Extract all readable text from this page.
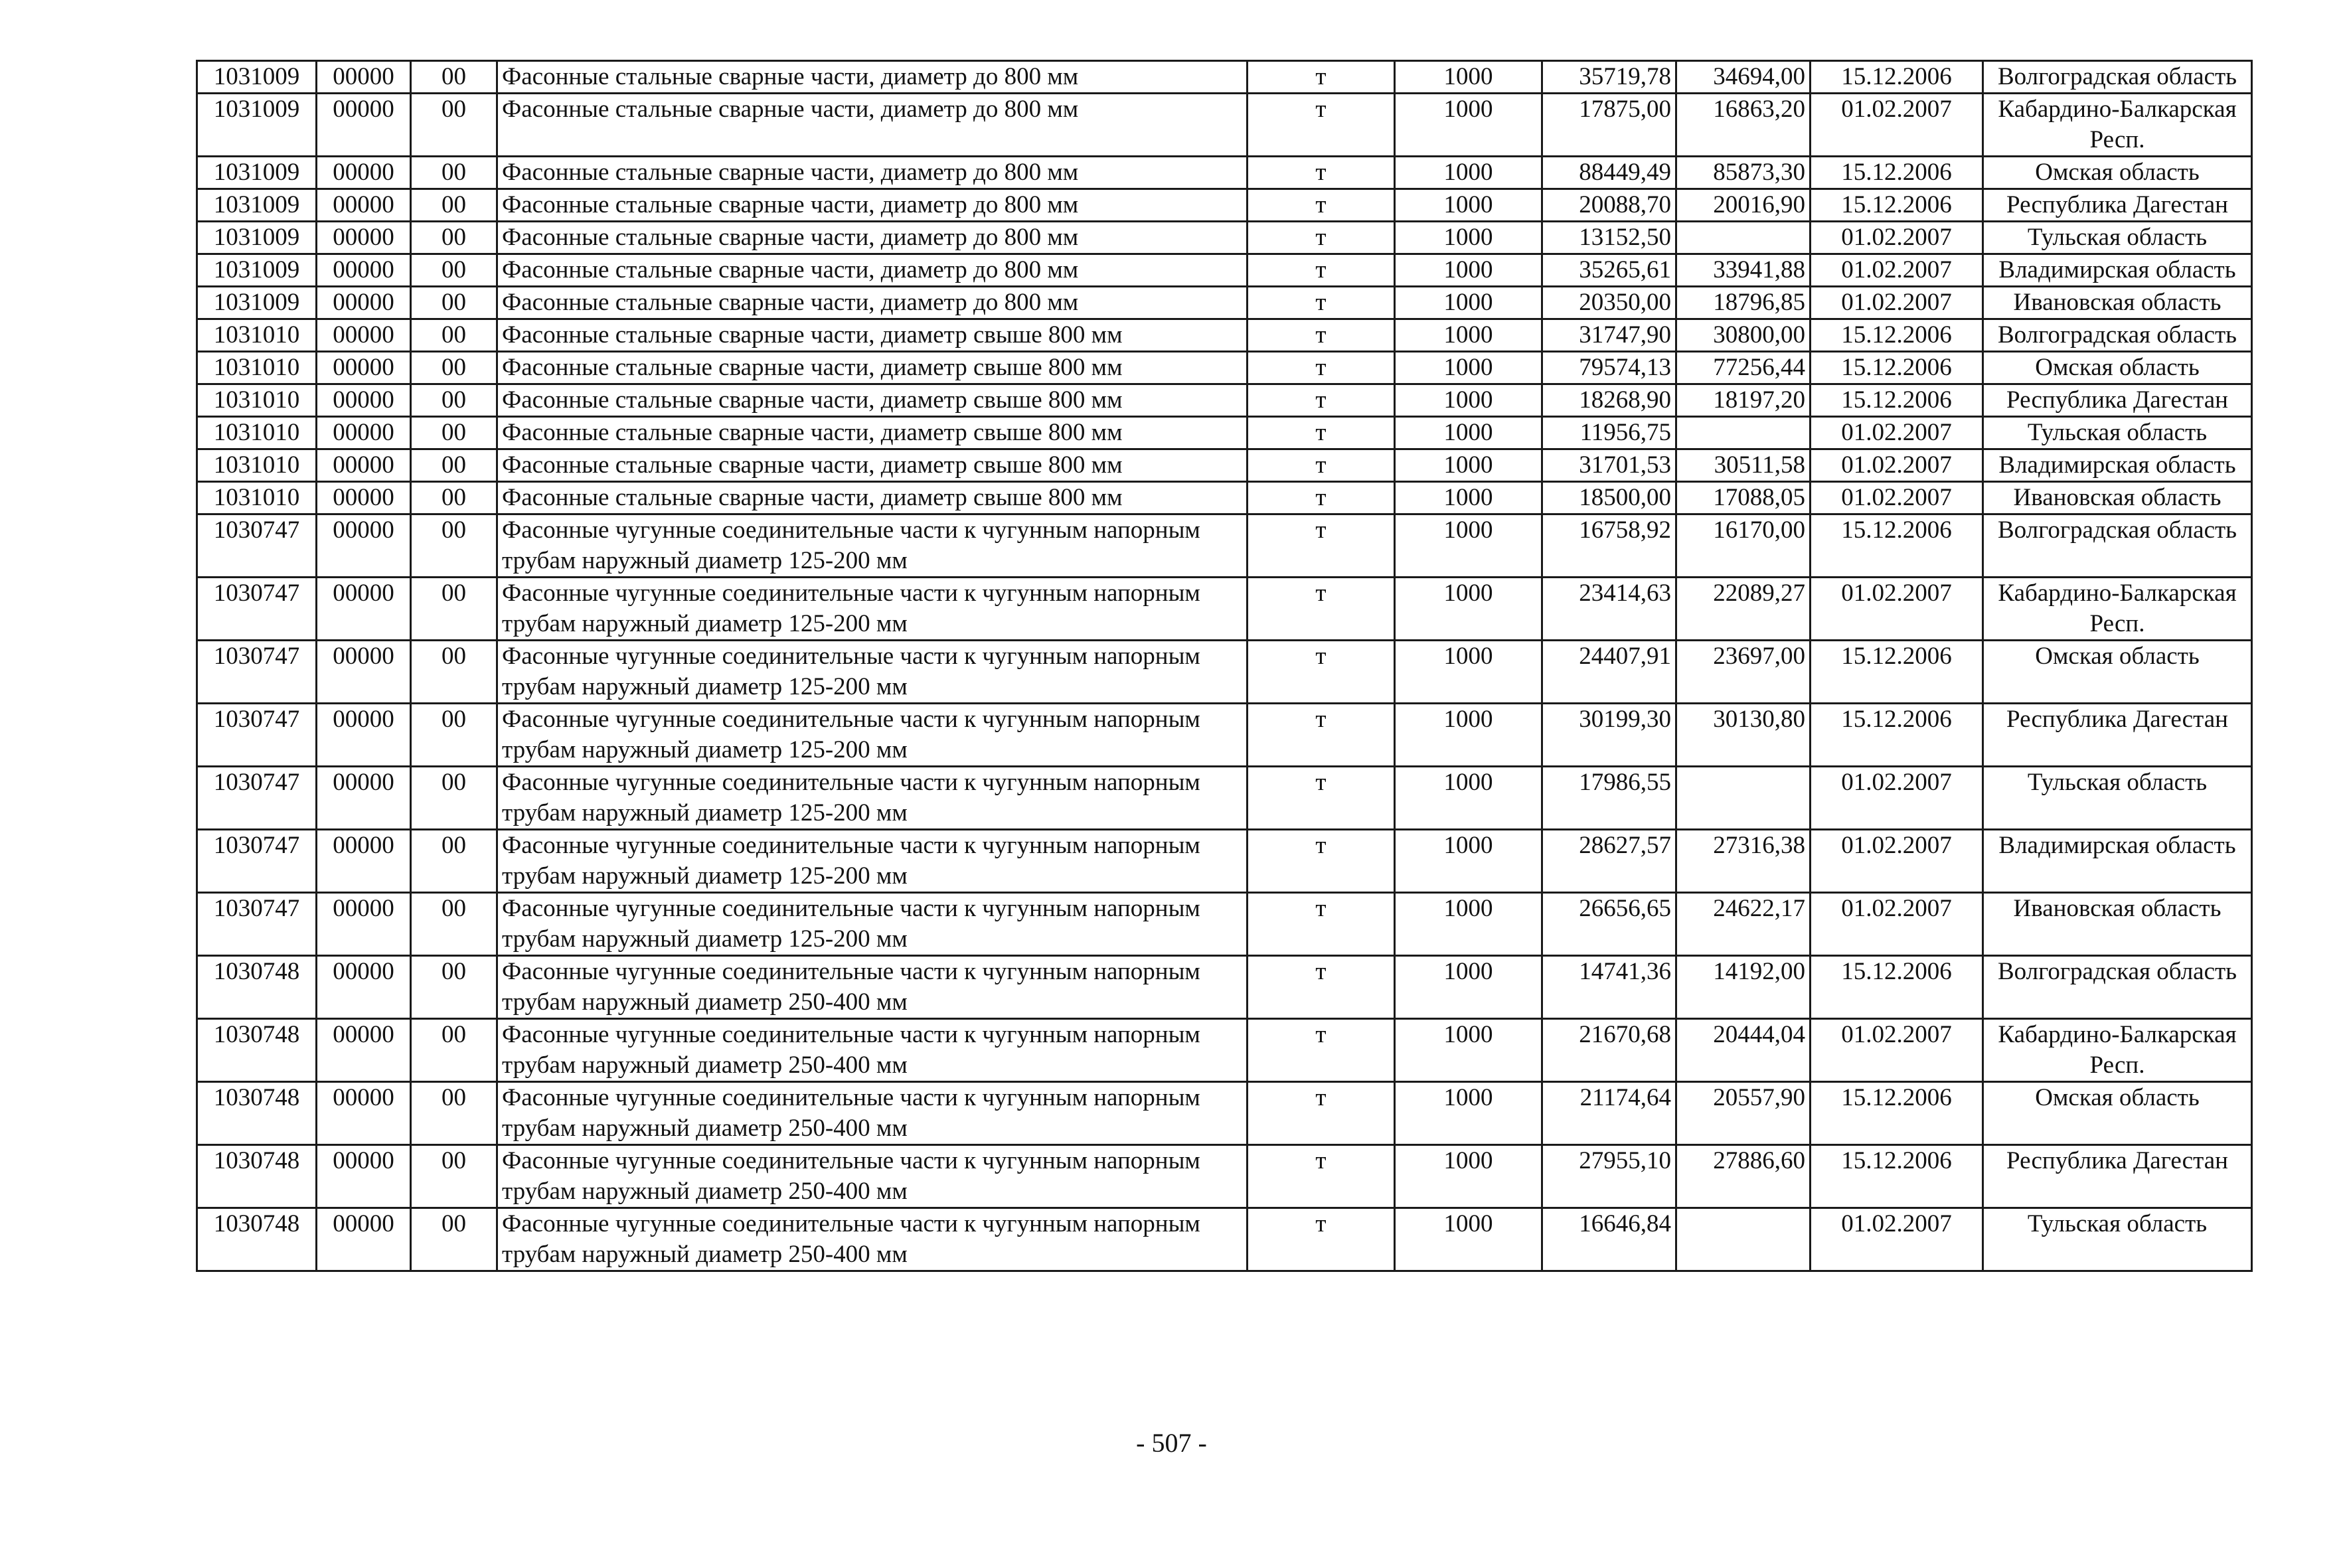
1031009	00000	00	Фасонные стальные сварные части, диаметр до 800 мм	т	1000	35719,78	34694,00	15.12.2006	Волгоградская область
1031009	00000	00	Фасонные стальные сварные части, диаметр до 800 мм	т	1000	17875,00	16863,20	01.02.2007	Кабардино-Балкарская Респ.
1031009	00000	00	Фасонные стальные сварные части, диаметр до 800 мм	т	1000	88449,49	85873,30	15.12.2006	Омская область
1031009	00000	00	Фасонные стальные сварные части, диаметр до 800 мм	т	1000	20088,70	20016,90	15.12.2006	Республика Дагестан
1031009	00000	00	Фасонные стальные сварные части, диаметр до 800 мм	т	1000	13152,50		01.02.2007	Тульская область
1031009	00000	00	Фасонные стальные сварные части, диаметр до 800 мм	т	1000	35265,61	33941,88	01.02.2007	Владимирская область
1031009	00000	00	Фасонные стальные сварные части, диаметр до 800 мм	т	1000	20350,00	18796,85	01.02.2007	Ивановская область
1031010	00000	00	Фасонные стальные сварные части, диаметр свыше 800 мм	т	1000	31747,90	30800,00	15.12.2006	Волгоградская область
1031010	00000	00	Фасонные стальные сварные части, диаметр свыше 800 мм	т	1000	79574,13	77256,44	15.12.2006	Омская область
1031010	00000	00	Фасонные стальные сварные части, диаметр свыше 800 мм	т	1000	18268,90	18197,20	15.12.2006	Республика Дагестан
1031010	00000	00	Фасонные стальные сварные части, диаметр свыше 800 мм	т	1000	11956,75		01.02.2007	Тульская область
1031010	00000	00	Фасонные стальные сварные части, диаметр свыше 800 мм	т	1000	31701,53	30511,58	01.02.2007	Владимирская область
1031010	00000	00	Фасонные стальные сварные части, диаметр свыше 800 мм	т	1000	18500,00	17088,05	01.02.2007	Ивановская область
1030747	00000	00	Фасонные чугунные соединительные части к чугунным напорным трубам наружный диаметр 125-200 мм	т	1000	16758,92	16170,00	15.12.2006	Волгоградская область
1030747	00000	00	Фасонные чугунные соединительные части к чугунным напорным трубам наружный диаметр 125-200 мм	т	1000	23414,63	22089,27	01.02.2007	Кабардино-Балкарская Респ.
1030747	00000	00	Фасонные чугунные соединительные части к чугунным напорным трубам наружный диаметр 125-200 мм	т	1000	24407,91	23697,00	15.12.2006	Омская область
1030747	00000	00	Фасонные чугунные соединительные части к чугунным напорным трубам наружный диаметр 125-200 мм	т	1000	30199,30	30130,80	15.12.2006	Республика Дагестан
1030747	00000	00	Фасонные чугунные соединительные части к чугунным напорным трубам наружный диаметр 125-200 мм	т	1000	17986,55		01.02.2007	Тульская область
1030747	00000	00	Фасонные чугунные соединительные части к чугунным напорным трубам наружный диаметр 125-200 мм	т	1000	28627,57	27316,38	01.02.2007	Владимирская область
1030747	00000	00	Фасонные чугунные соединительные части к чугунным напорным трубам наружный диаметр 125-200 мм	т	1000	26656,65	24622,17	01.02.2007	Ивановская область
1030748	00000	00	Фасонные чугунные соединительные части к чугунным напорным трубам наружный диаметр 250-400 мм	т	1000	14741,36	14192,00	15.12.2006	Волгоградская область
1030748	00000	00	Фасонные чугунные соединительные части к чугунным напорным трубам наружный диаметр 250-400 мм	т	1000	21670,68	20444,04	01.02.2007	Кабардино-Балкарская Респ.
1030748	00000	00	Фасонные чугунные соединительные части к чугунным напорным трубам наружный диаметр 250-400 мм	т	1000	21174,64	20557,90	15.12.2006	Омская область
1030748	00000	00	Фасонные чугунные соединительные части к чугунным напорным трубам наружный диаметр 250-400 мм	т	1000	27955,10	27886,60	15.12.2006	Республика Дагестан
1030748	00000	00	Фасонные чугунные соединительные части к чугунным напорным трубам наружный диаметр 250-400 мм	т	1000	16646,84		01.02.2007	Тульская область
- 507 -
